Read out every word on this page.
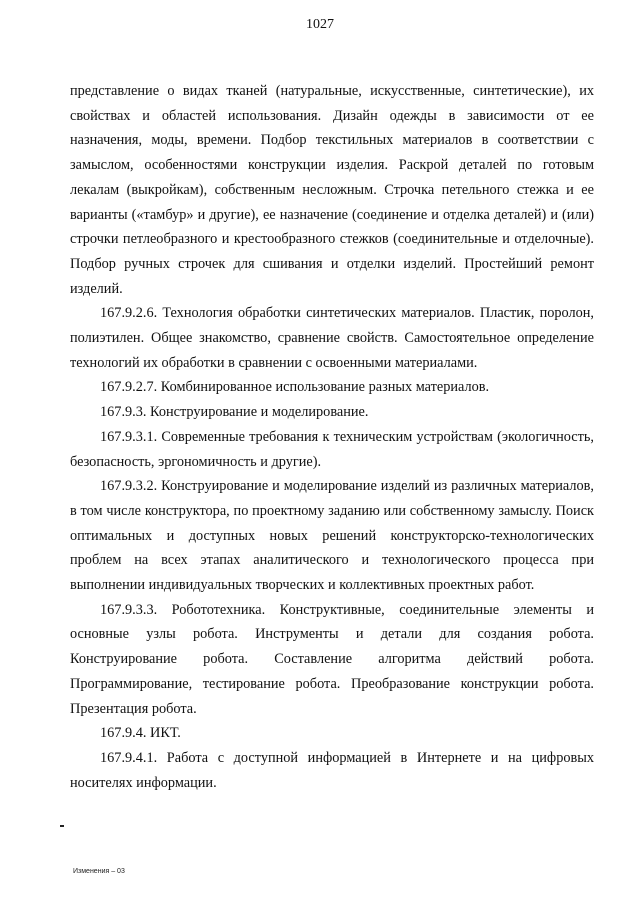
1027

представление о видах тканей (натуральные, искусственные, синтетические), их свойствах и областей использования. Дизайн одежды в зависимости от ее назначения, моды, времени. Подбор текстильных материалов в соответствии с замыслом, особенностями конструкции изделия. Раскрой деталей по готовым лекалам (выкройкам), собственным несложным. Строчка петельного стежка и ее варианты («тамбур» и другие), ее назначение (соединение и отделка деталей) и (или) строчки петлеобразного и крестообразного стежков (соединительные и отделочные). Подбор ручных строчек для сшивания и отделки изделий. Простейший ремонт изделий.

167.9.2.6. Технология обработки синтетических материалов. Пластик, поролон, полиэтилен. Общее знакомство, сравнение свойств. Самостоятельное определение технологий их обработки в сравнении с освоенными материалами.

167.9.2.7. Комбинированное использование разных материалов.

167.9.3. Конструирование и моделирование.

167.9.3.1. Современные требования к техническим устройствам (экологичность, безопасность, эргономичность и другие).

167.9.3.2. Конструирование и моделирование изделий из различных материалов, в том числе конструктора, по проектному заданию или собственному замыслу. Поиск оптимальных и доступных новых решений конструкторско-технологических проблем на всех этапах аналитического и технологического процесса при выполнении индивидуальных творческих и коллективных проектных работ.

167.9.3.3. Робототехника. Конструктивные, соединительные элементы и основные узлы робота. Инструменты и детали для создания робота. Конструирование робота. Составление алгоритма действий робота. Программирование, тестирование робота. Преобразование конструкции робота. Презентация робота.

167.9.4. ИКТ.

167.9.4.1. Работа с доступной информацией в Интернете и на цифровых носителях информации.

Изменения – 03
